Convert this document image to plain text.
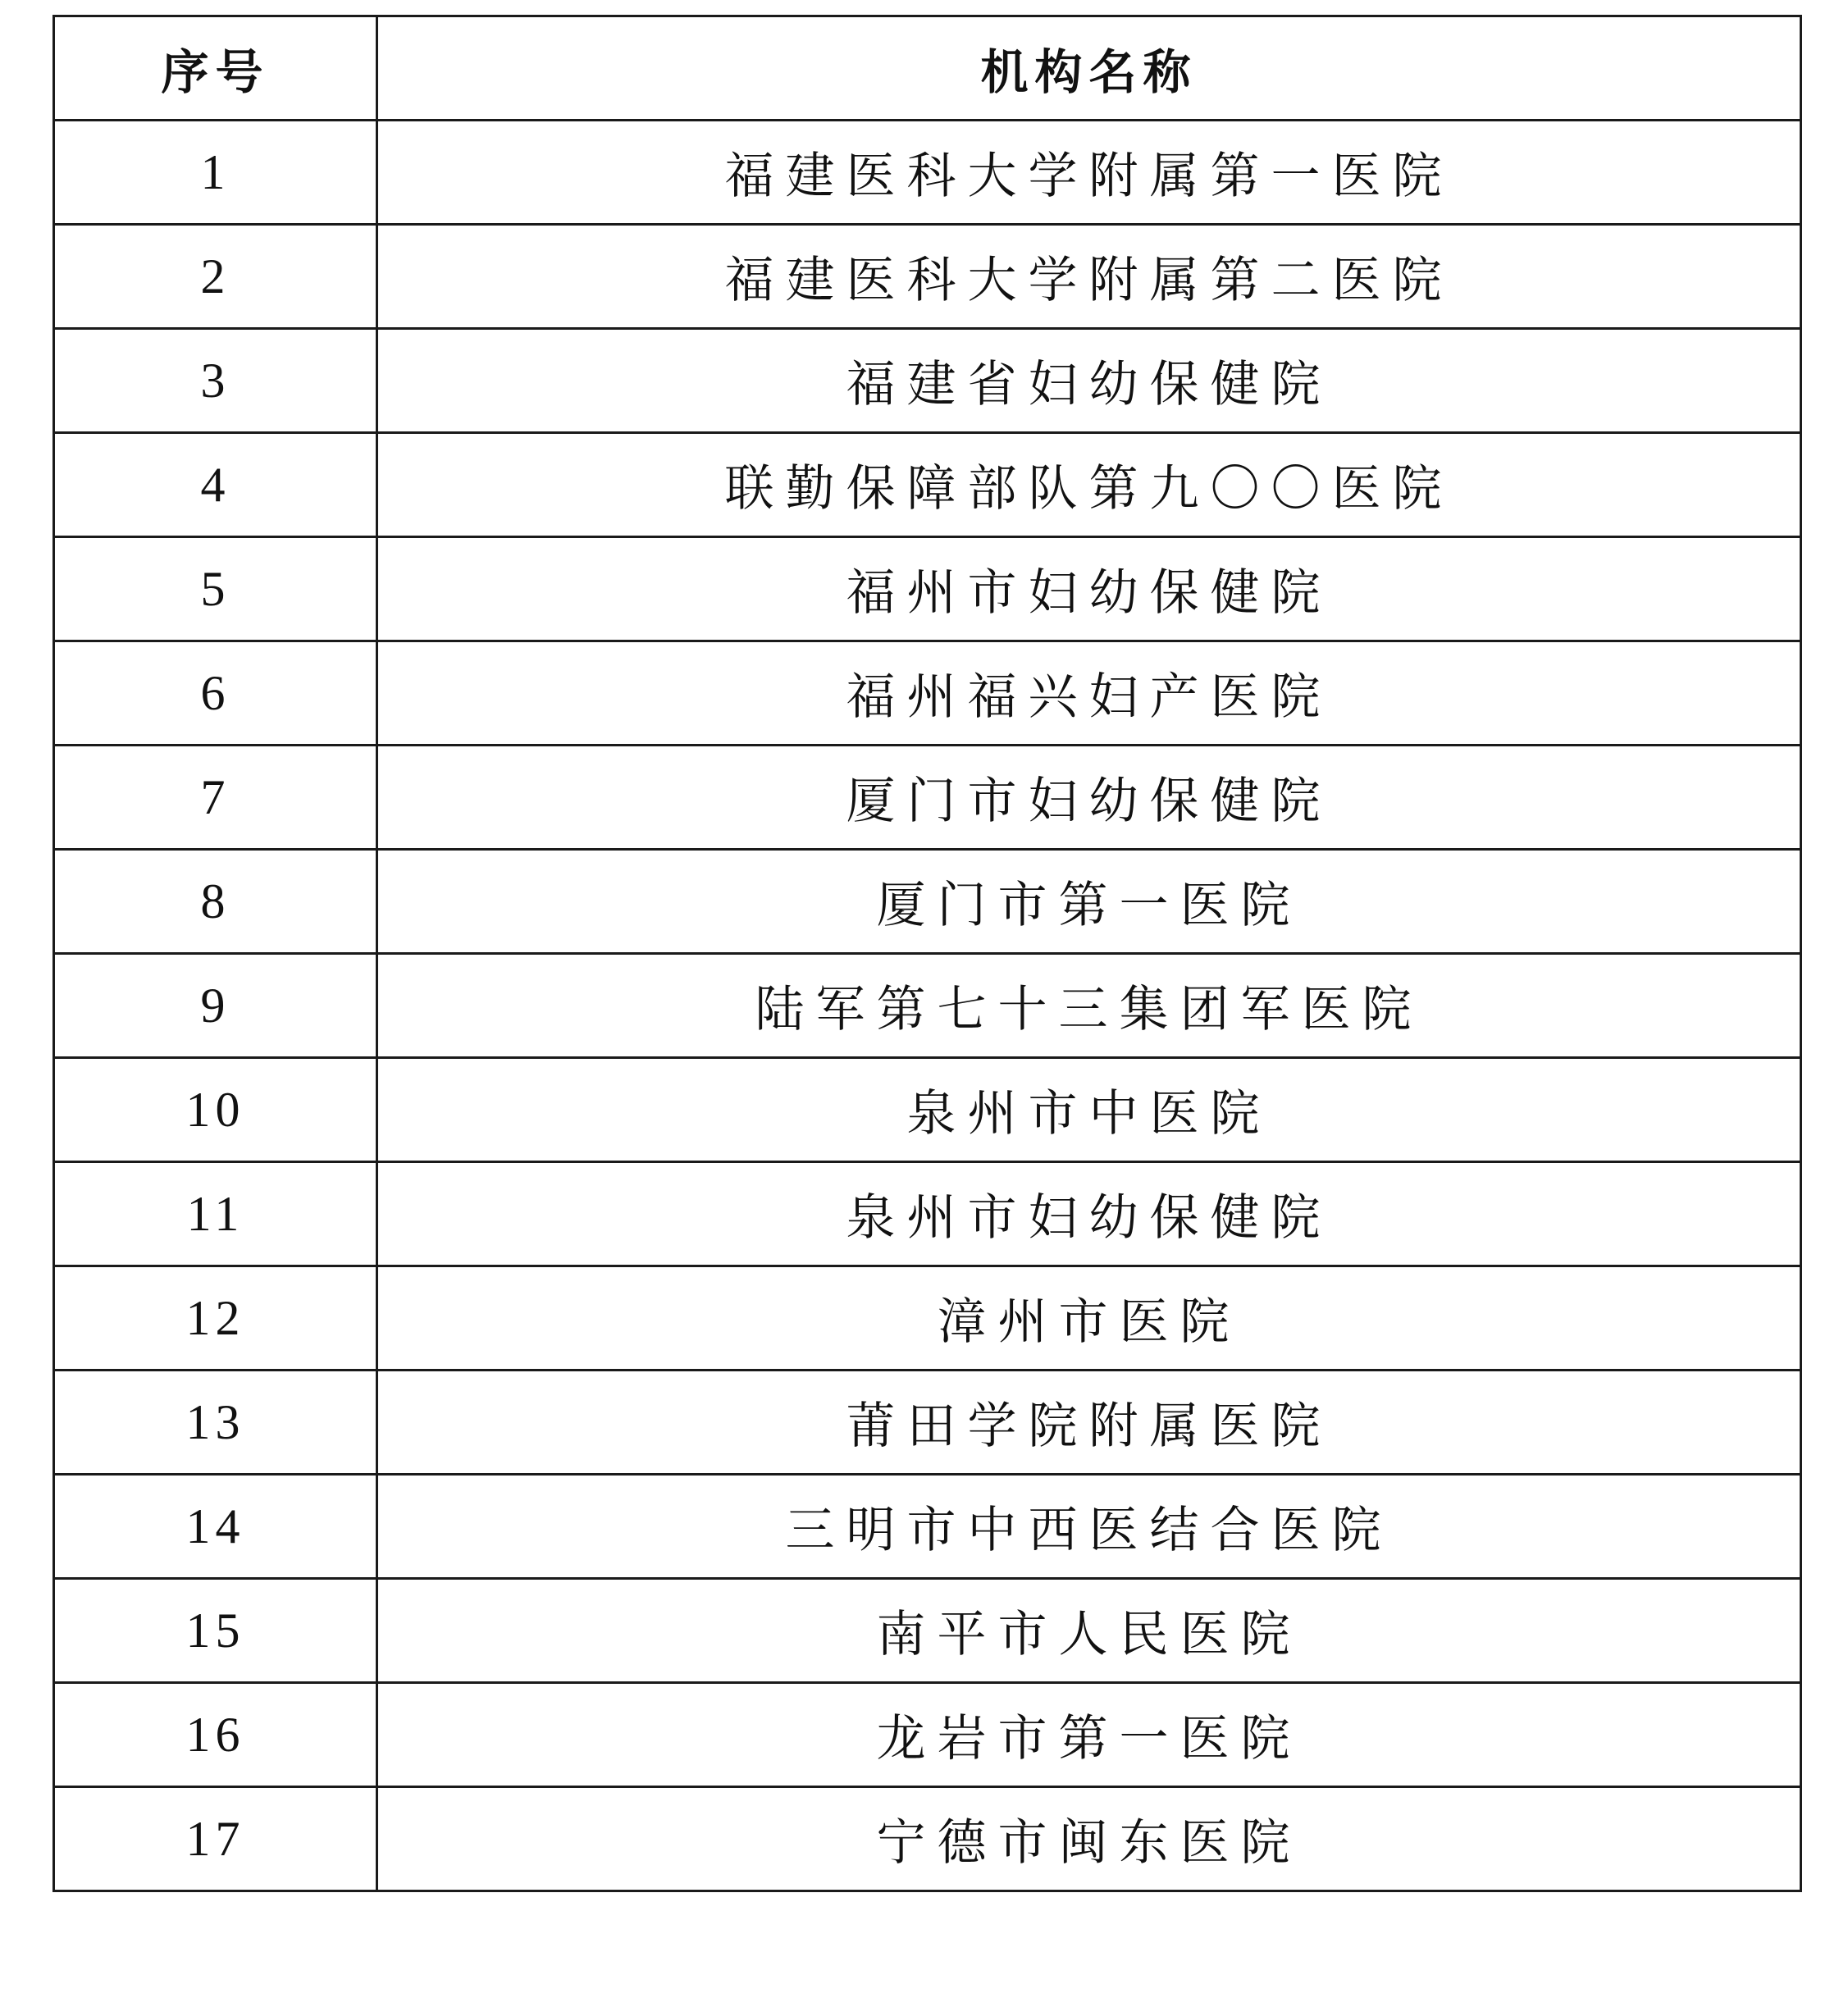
序号	机构名称
1	福建医科大学附属第一医院
2	福建医科大学附属第二医院
3	福建省妇幼保健院
4	联勤保障部队第九〇〇医院
5	福州市妇幼保健院
6	福州福兴妇产医院
7	厦门市妇幼保健院
8	厦门市第一医院
9	陆军第七十三集团军医院
10	泉州市中医院
11	泉州市妇幼保健院
12	漳州市医院
13	莆田学院附属医院
14	三明市中西医结合医院
15	南平市人民医院
16	龙岩市第一医院
17	宁德市闽东医院
